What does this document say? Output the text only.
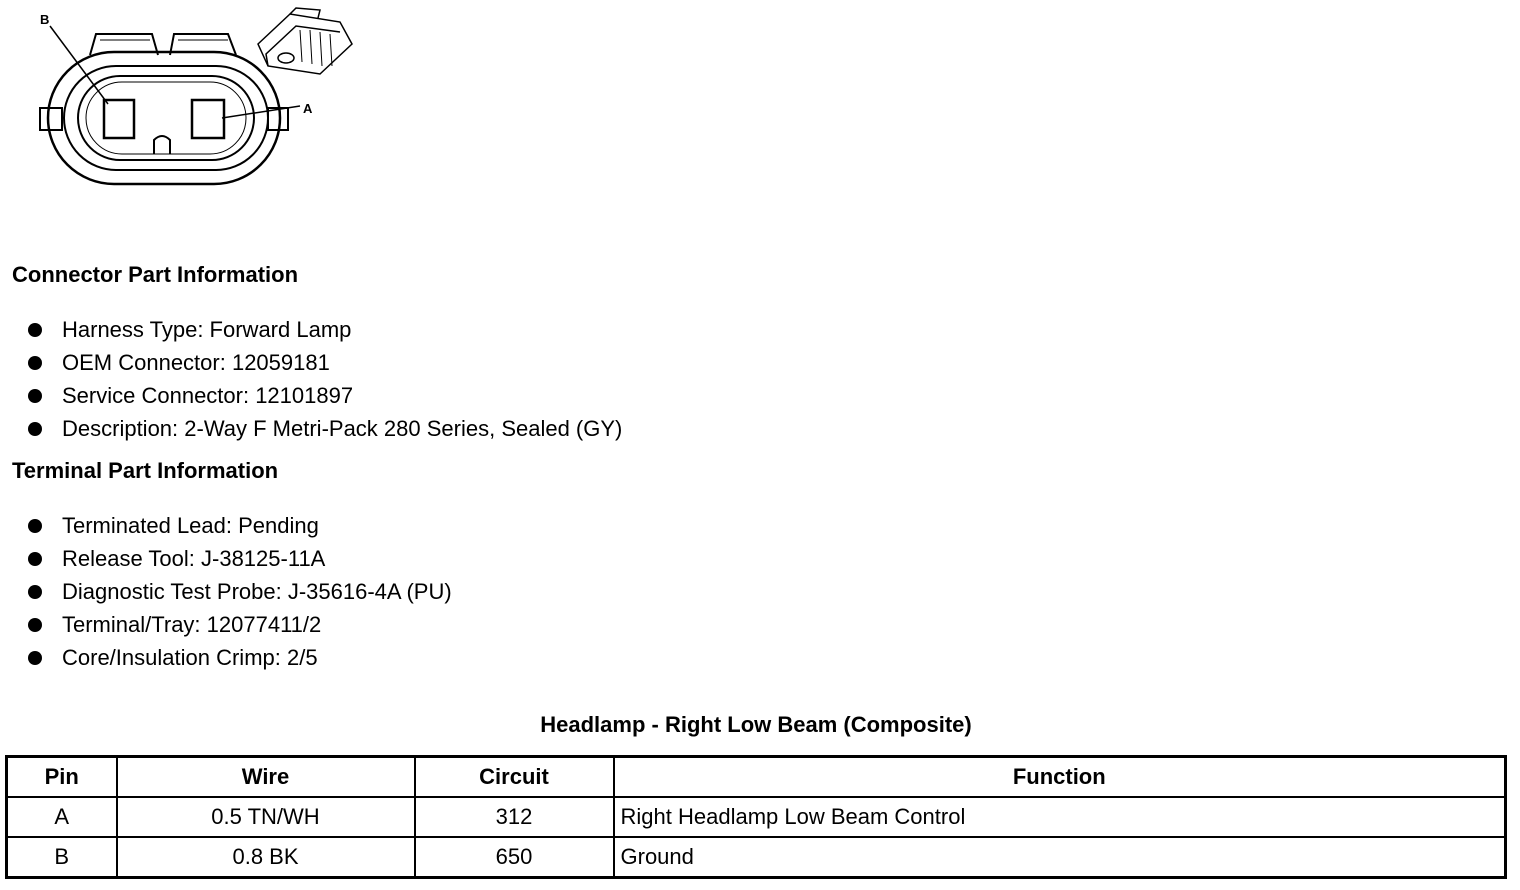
B
A
Connector Part Information
Harness Type: Forward Lamp
OEM Connector: 12059181
Service Connector: 12101897
Description: 2-Way F Metri-Pack 280 Series, Sealed (GY)
Terminal Part Information
Terminated Lead: Pending
Release Tool: J-38125-11A
Diagnostic Test Probe: J-35616-4A (PU)
Terminal/Tray: 12077411/2
Core/Insulation Crimp: 2/5
Headlamp - Right Low Beam (Composite)
Pin	Wire	Circuit	Function
A	0.5 TN/WH	312	Right Headlamp Low Beam Control
B	0.8 BK	650	Ground
